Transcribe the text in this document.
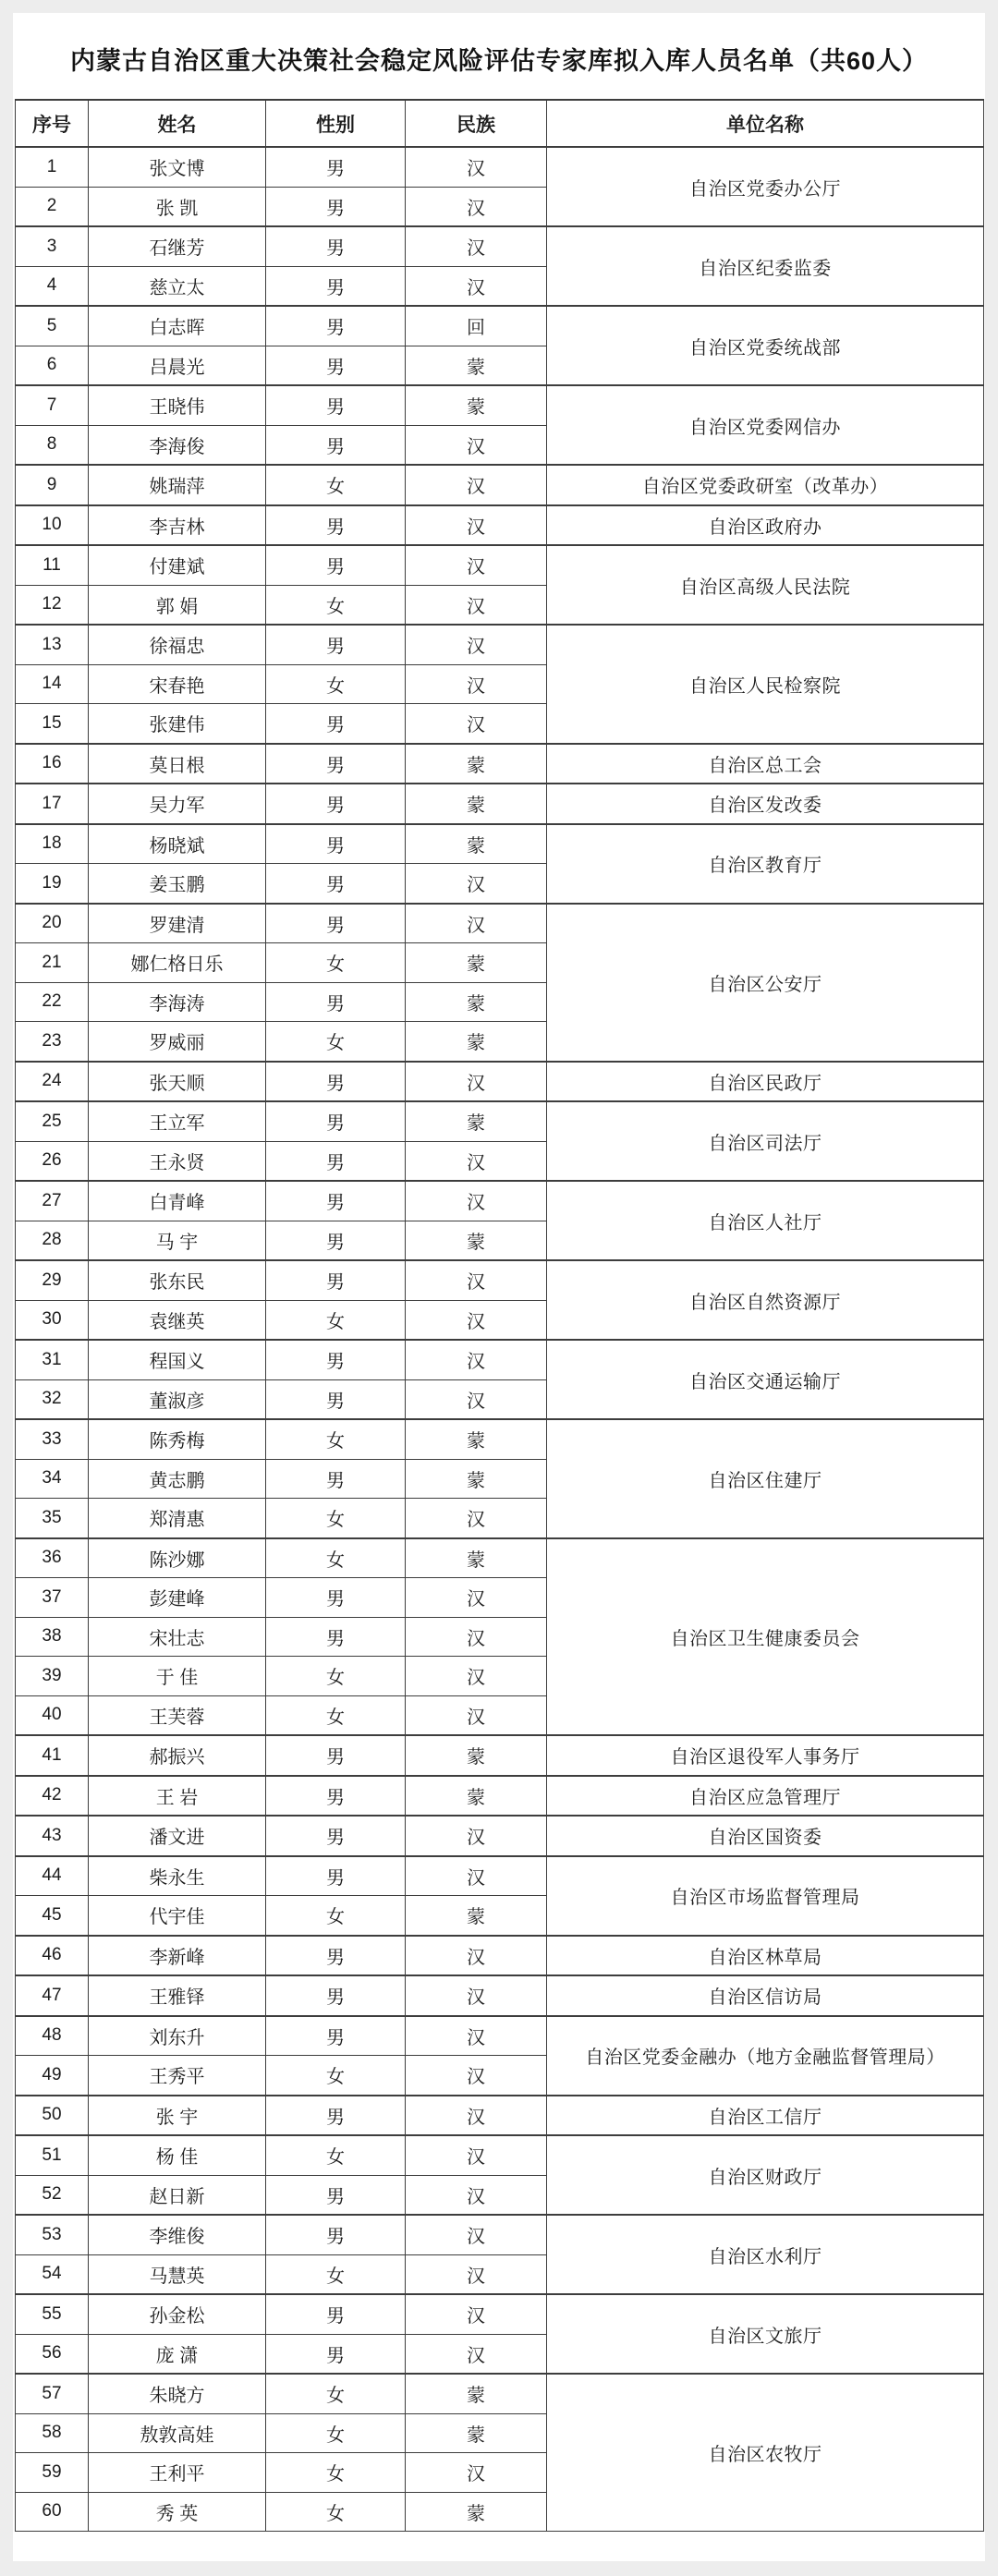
内蒙古自治区重大决策社会稳定风险评估专家库拟入库人员名单（共60人）
序号	姓名	性别	民族	单位名称
1	张文博	男	汉	自治区党委办公厅
2	张 凯	男	汉	
3	石继芳	男	汉	自治区纪委监委
4	慈立太	男	汉	
5	白志晖	男	回	自治区党委统战部
6	吕晨光	男	蒙	
7	王晓伟	男	蒙	自治区党委网信办
8	李海俊	男	汉	
9	姚瑞萍	女	汉	自治区党委政研室（改革办）
10	李吉林	男	汉	自治区政府办
11	付建斌	男	汉	自治区高级人民法院
12	郭 娟	女	汉	
13	徐福忠	男	汉	自治区人民检察院
14	宋春艳	女	汉	
15	张建伟	男	汉	
16	莫日根	男	蒙	自治区总工会
17	吴力军	男	蒙	自治区发改委
18	杨晓斌	男	蒙	自治区教育厅
19	姜玉鹏	男	汉	
20	罗建清	男	汉	自治区公安厅
21	娜仁格日乐	女	蒙	
22	李海涛	男	蒙	
23	罗威丽	女	蒙	
24	张天顺	男	汉	自治区民政厅
25	王立军	男	蒙	自治区司法厅
26	王永贤	男	汉	
27	白青峰	男	汉	自治区人社厅
28	马 宇	男	蒙	
29	张东民	男	汉	自治区自然资源厅
30	袁继英	女	汉	
31	程国义	男	汉	自治区交通运输厅
32	董淑彦	男	汉	
33	陈秀梅	女	蒙	自治区住建厅
34	黄志鹏	男	蒙	
35	郑清惠	女	汉	
36	陈沙娜	女	蒙	自治区卫生健康委员会
37	彭建峰	男	汉	
38	宋壮志	男	汉	
39	于 佳	女	汉	
40	王芙蓉	女	汉	
41	郝振兴	男	蒙	自治区退役军人事务厅
42	王 岩	男	蒙	自治区应急管理厅
43	潘文进	男	汉	自治区国资委
44	柴永生	男	汉	自治区市场监督管理局
45	代宇佳	女	蒙	
46	李新峰	男	汉	自治区林草局
47	王雅铎	男	汉	自治区信访局
48	刘东升	男	汉	自治区党委金融办（地方金融监督管理局）
49	王秀平	女	汉	
50	张 宇	男	汉	自治区工信厅
51	杨 佳	女	汉	自治区财政厅
52	赵日新	男	汉	
53	李维俊	男	汉	自治区水利厅
54	马慧英	女	汉	
55	孙金松	男	汉	自治区文旅厅
56	庞 潇	男	汉	
57	朱晓方	女	蒙	自治区农牧厅
58	敖敦高娃	女	蒙	
59	王利平	女	汉	
60	秀 英	女	蒙	
